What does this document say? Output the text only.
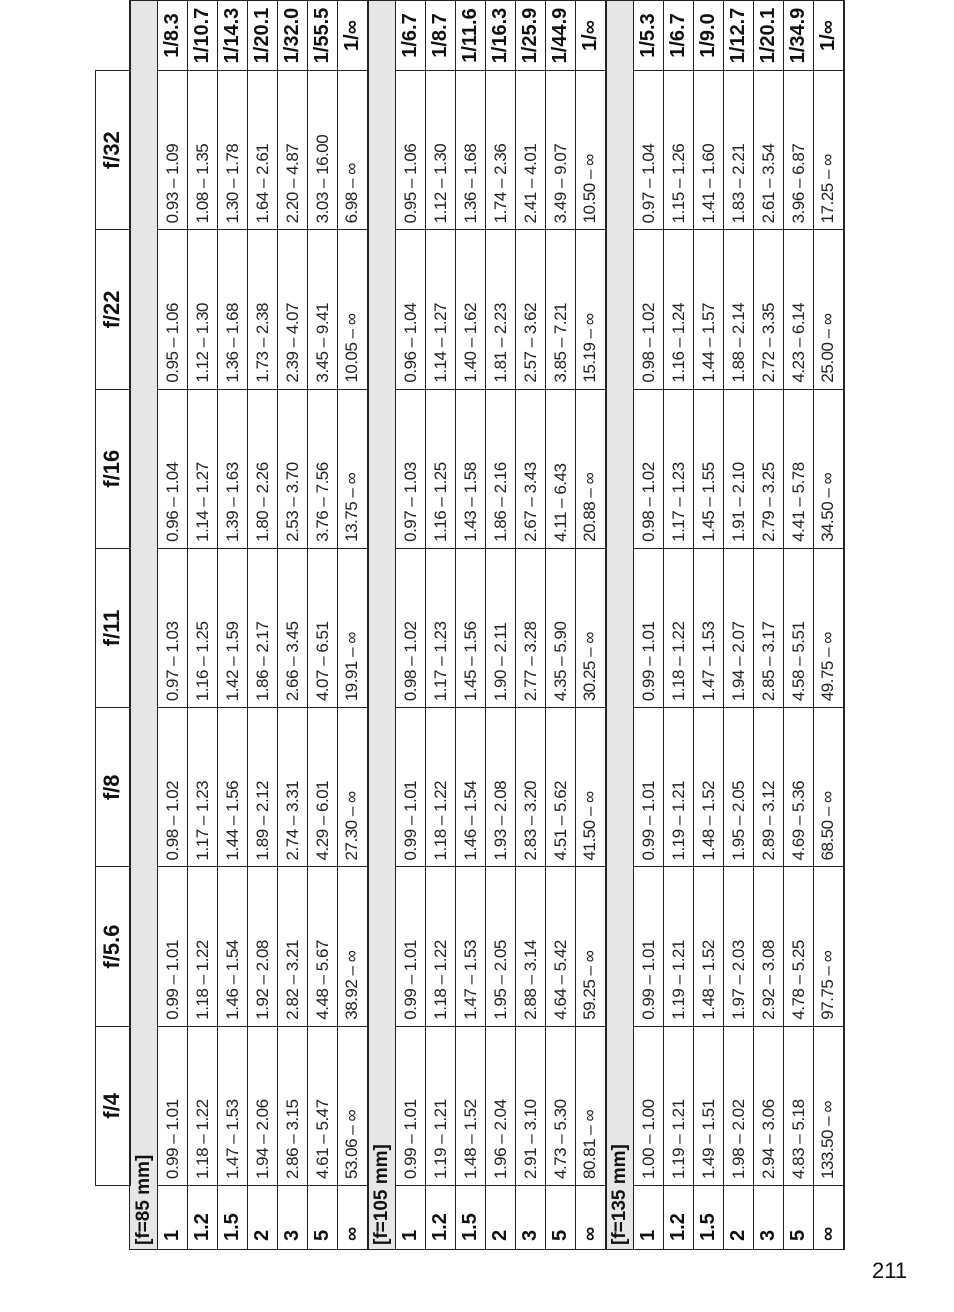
	f/4	f/5.6	f/8	f/11	f/16	f/22	f/32	
[f=85 mm]								
1	0.99 – 1.01	0.99 – 1.01	0.98 – 1.02	0.97 – 1.03	0.96 – 1.04	0.95 – 1.06	0.93 – 1.09	1/8.3
1.2	1.18 – 1.22	1.18 – 1.22	1.17 – 1.23	1.16 – 1.25	1.14 – 1.27	1.12 – 1.30	1.08 – 1.35	1/10.7
1.5	1.47 – 1.53	1.46 – 1.54	1.44 – 1.56	1.42 – 1.59	1.39 – 1.63	1.36 – 1.68	1.30 – 1.78	1/14.3
2	1.94 – 2.06	1.92 – 2.08	1.89 – 2.12	1.86 – 2.17	1.80 – 2.26	1.73 – 2.38	1.64 – 2.61	1/20.1
3	2.86 – 3.15	2.82 – 3.21	2.74 – 3.31	2.66 – 3.45	2.53 – 3.70	2.39 – 4.07	2.20 – 4.87	1/32.0
5	4.61 – 5.47	4.48 – 5.67	4.29 – 6.01	4.07 – 6.51	3.76 – 7.56	3.45 – 9.41	3.03 – 16.00	1/55.5
∞	53.06 – ∞	38.92 – ∞	27.30 – ∞	19.91 – ∞	13.75 – ∞	10.05 – ∞	6.98 – ∞	1/∞
[f=105 mm]								
1	0.99 – 1.01	0.99 – 1.01	0.99 – 1.01	0.98 – 1.02	0.97 – 1.03	0.96 – 1.04	0.95 – 1.06	1/6.7
1.2	1.19 – 1.21	1.18 – 1.22	1.18 – 1.22	1.17 – 1.23	1.16 – 1.25	1.14 – 1.27	1.12 – 1.30	1/8.7
1.5	1.48 – 1.52	1.47 – 1.53	1.46 – 1.54	1.45 – 1.56	1.43 – 1.58	1.40 – 1.62	1.36 – 1.68	1/11.6
2	1.96 – 2.04	1.95 – 2.05	1.93 – 2.08	1.90 – 2.11	1.86 – 2.16	1.81 – 2.23	1.74 – 2.36	1/16.3
3	2.91 – 3.10	2.88 – 3.14	2.83 – 3.20	2.77 – 3.28	2.67 – 3.43	2.57 – 3.62	2.41 – 4.01	1/25.9
5	4.73 – 5.30	4.64 – 5.42	4.51 – 5.62	4.35 – 5.90	4.11 – 6.43	3.85 – 7.21	3.49 – 9.07	1/44.9
∞	80.81 – ∞	59.25 – ∞	41.50 – ∞	30.25 – ∞	20.88 – ∞	15.19 – ∞	10.50 – ∞	1/∞
[f=135 mm]								
1	1.00 – 1.00	0.99 – 1.01	0.99 – 1.01	0.99 – 1.01	0.98 – 1.02	0.98 – 1.02	0.97 – 1.04	1/5.3
1.2	1.19 – 1.21	1.19 – 1.21	1.19 – 1.21	1.18 – 1.22	1.17 – 1.23	1.16 – 1.24	1.15 – 1.26	1/6.7
1.5	1.49 – 1.51	1.48 – 1.52	1.48 – 1.52	1.47 – 1.53	1.45 – 1.55	1.44 – 1.57	1.41 – 1.60	1/9.0
2	1.98 – 2.02	1.97 – 2.03	1.95 – 2.05	1.94 – 2.07	1.91 – 2.10	1.88 – 2.14	1.83 – 2.21	1/12.7
3	2.94 – 3.06	2.92 – 3.08	2.89 – 3.12	2.85 – 3.17	2.79 – 3.25	2.72 – 3.35	2.61 – 3.54	1/20.1
5	4.83 – 5.18	4.78 – 5.25	4.69 – 5.36	4.58 – 5.51	4.41 – 5.78	4.23 – 6.14	3.96 – 6.87	1/34.9
∞	133.50 – ∞	97.75 – ∞	68.50 – ∞	49.75 – ∞	34.50 – ∞	25.00 – ∞	17.25 – ∞	1/∞
211
